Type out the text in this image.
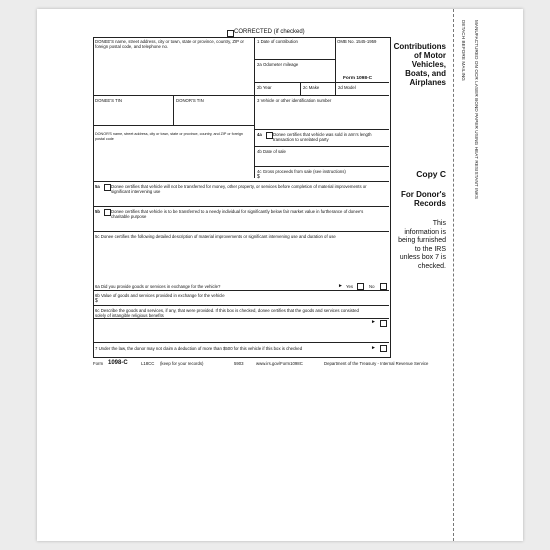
DETACH BEFORE MAILING MANUFACTURED ON OCR LASER BOND PAPER USING HEAT RESISTANT INKS
CORRECTED (if checked)
DONEE'S name, street address, city or town, state or province, country, ZIP or foreign postal code, and telephone no.
DONEE'S TIN	DONOR'S TIN
DONOR'S name, street address, city or town, state or province, country, and ZIP or foreign postal code
1 Date of contribution	OMB No. 1545-1959
2a Odometer mileage
Form 1098-C
2b Year	2c Make	2d Model
3 Vehicle or other identification number
4a	Donee certifies that vehicle was sold in arm's length transaction to unrelated party
4b Date of sale
4c Gross proceeds from sale (see instructions)
$
5a	Donee certifies that vehicle will not be transferred for money, other property, or services before completion of material improvements or significant intervening use
5b	Donee certifies that vehicle is to be transferred to a needy individual for significantly below fair market value in furtherance of donee's charitable purpose
5c Donee certifies the following detailed description of material improvements or significant intervening use and duration of use
6a Did you provide goods or services in exchange for the vehicle?	► Yes	No
6b Value of goods and services provided in exchange for the vehicle
$
6c Describe the goods and services, if any, that were provided. If this box is checked, donee certifies that the goods and services consisted solely of intangible religious benefits
►
7 Under the law, the donor may not claim a deduction of more than $500 for this vehicle if this box is checked	►
Contributions of Motor Vehicles, Boats, and Airplanes
Copy C
For Donor's Records
This information is being furnished to the IRS unless box 7 is checked.
Form 1098-C	L18CC (keep for your records)	5903	www.irs.gov/Form1098C	Department of the Treasury - Internal Revenue Service
